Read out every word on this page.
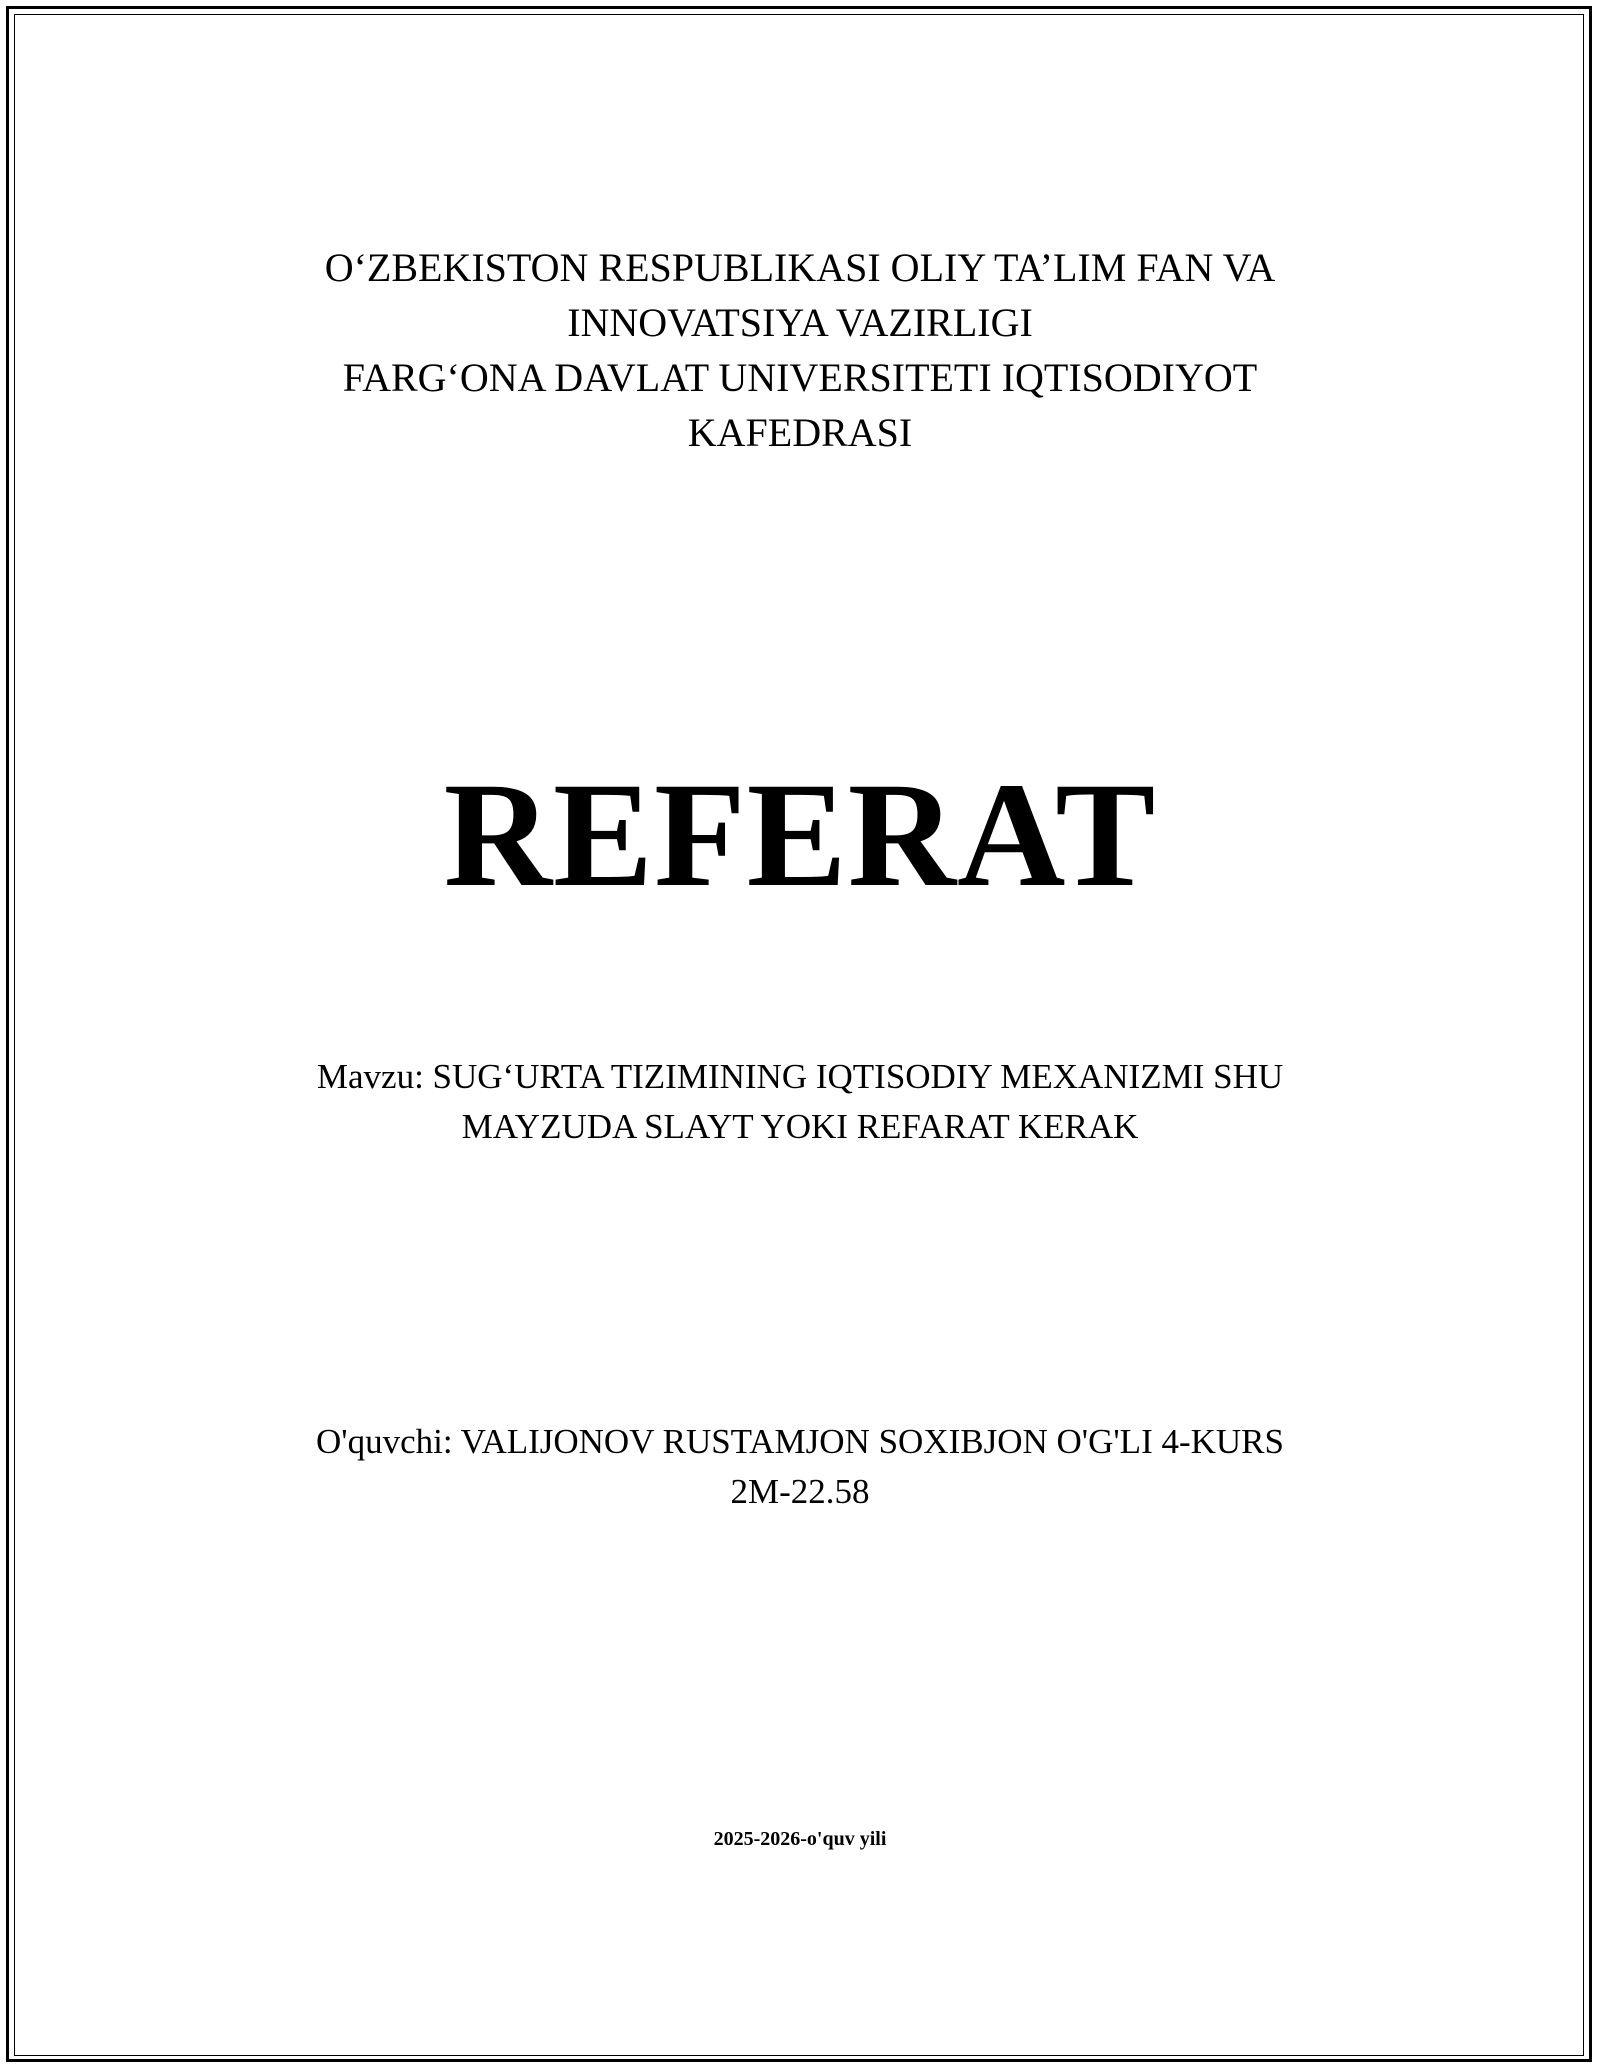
O‘ZBEKISTON RESPUBLIKASI OLIY TA’LIM FAN VA
INNOVATSIYA VAZIRLIGI
FARG‘ONA DAVLAT UNIVERSITETI IQTISODIYOT
KAFEDRASI
REFERAT
Mavzu: SUG‘URTA TIZIMINING IQTISODIY MEXANIZMI SHU
MAYZUDA SLAYT YOKI REFARAT KERAK
O'quvchi: VALIJONOV RUSTAMJON SOXIBJON O'G'LI 4-KURS
2M-22.58
2025-2026-o'quv yili
